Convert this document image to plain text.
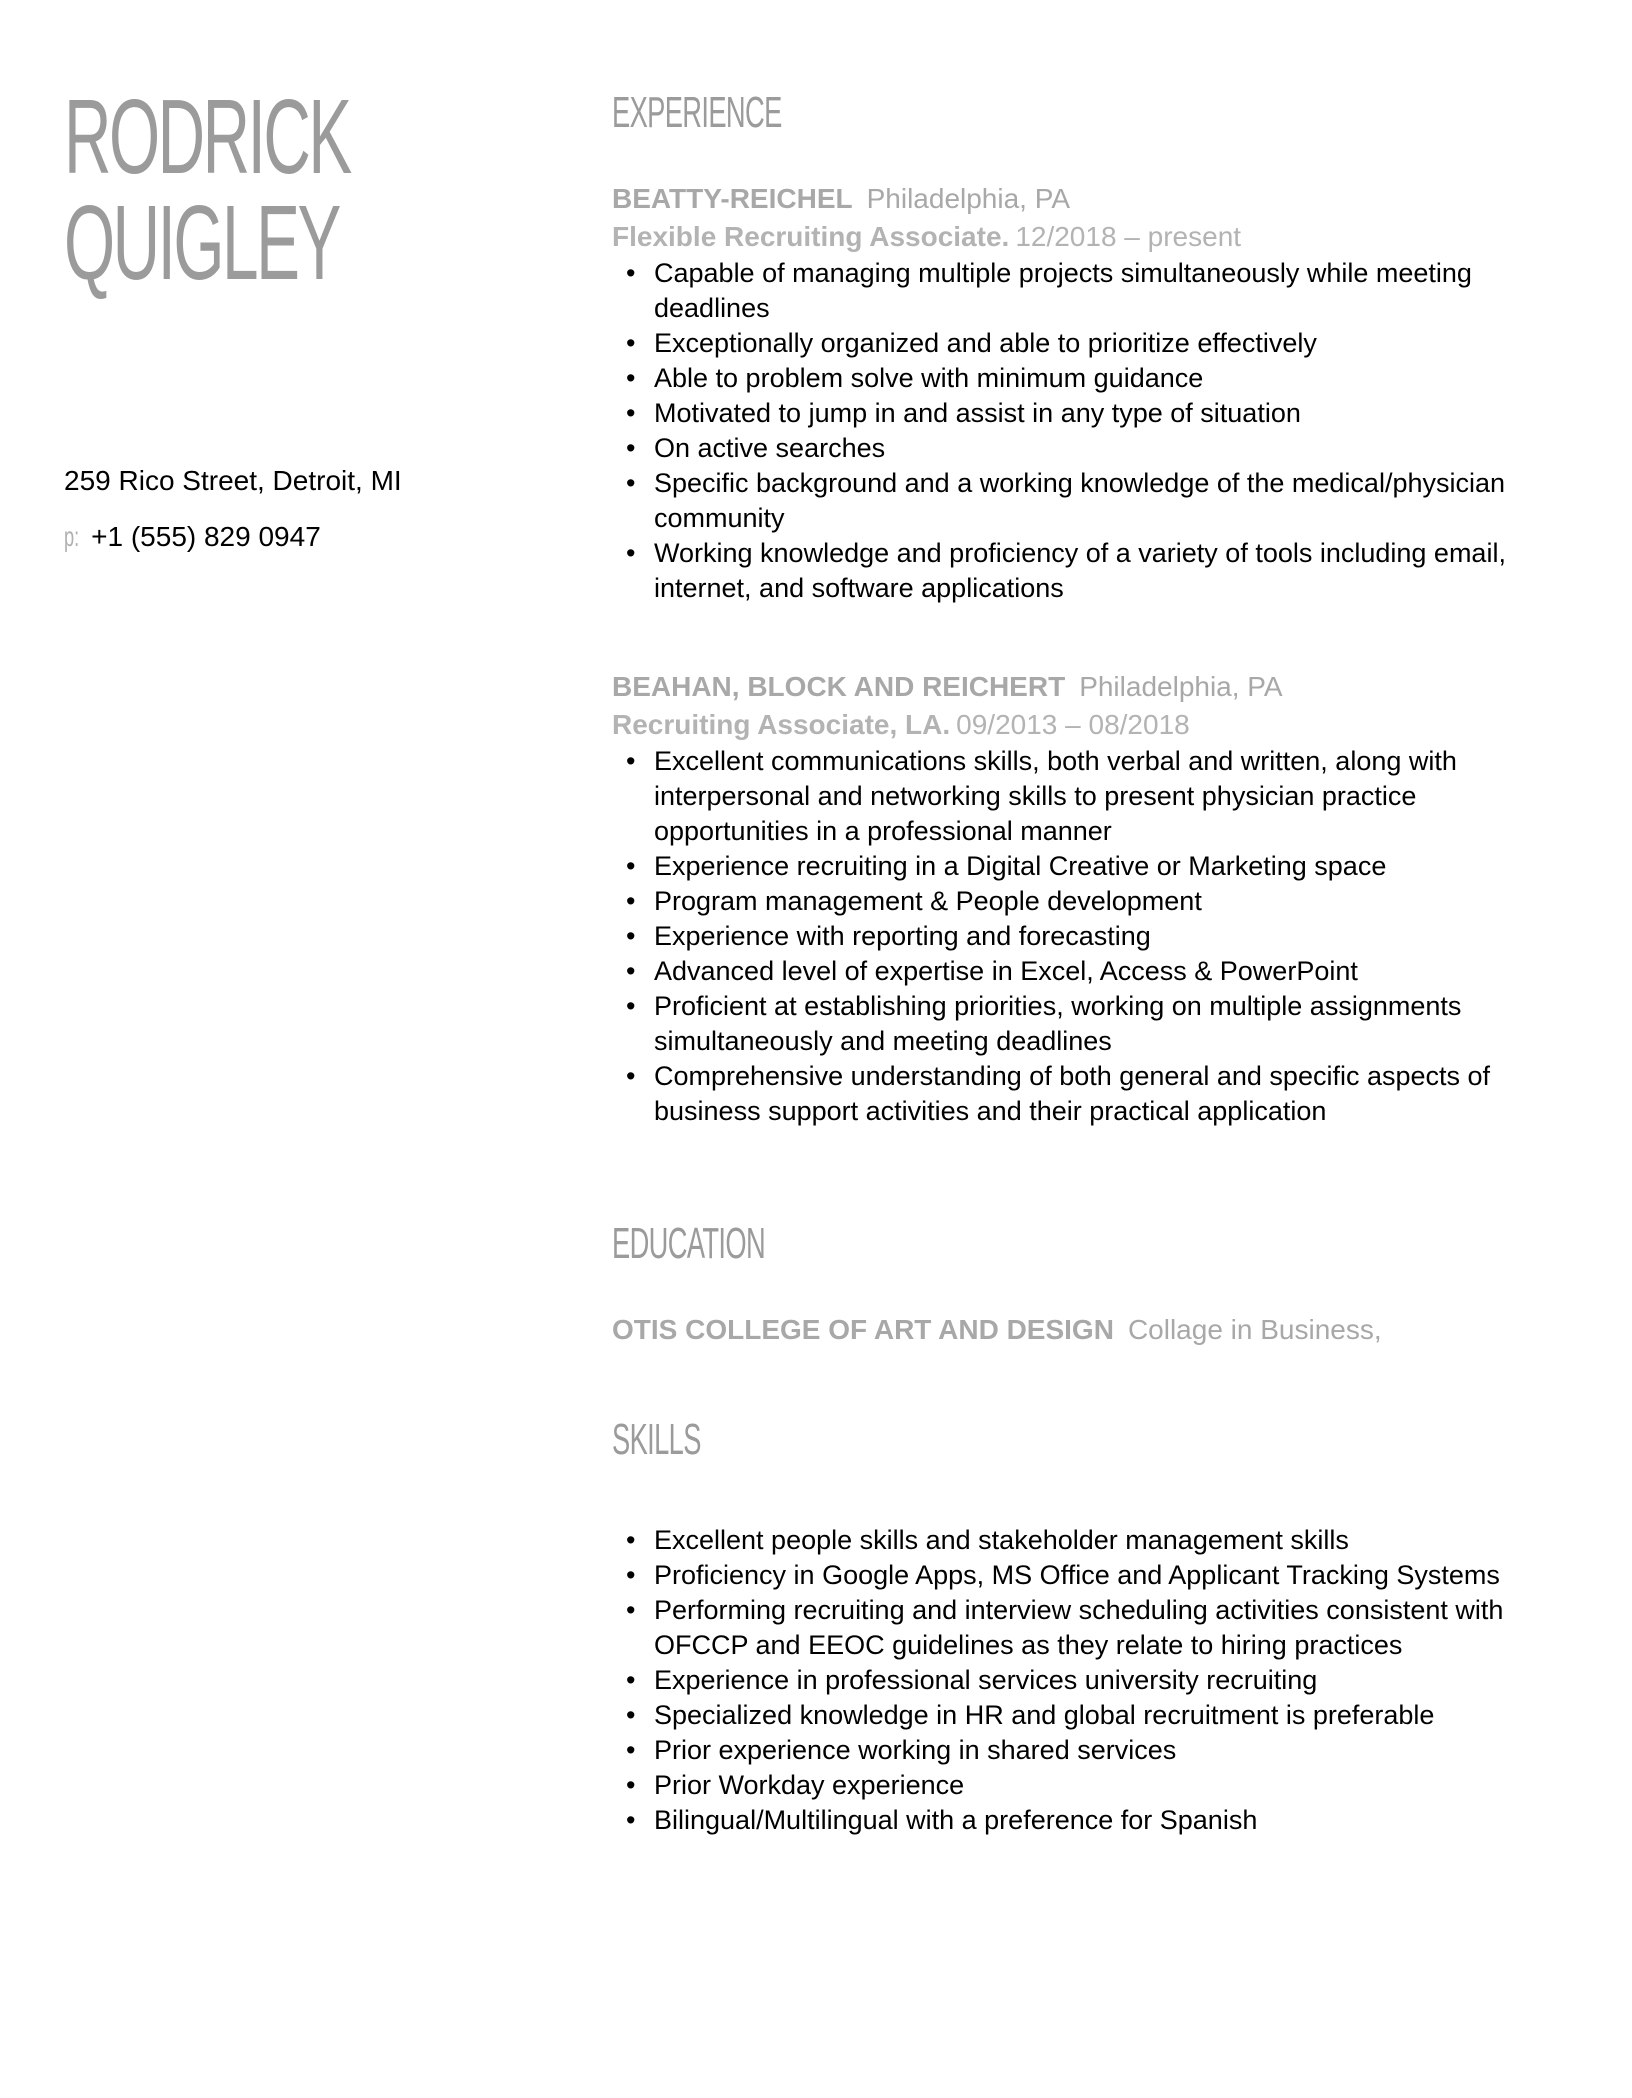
RODRICK
QUIGLEY
259 Rico Street, Detroit, MI
p: +1 (555) 829 0947
EXPERIENCE
BEATTY-REICHEL Philadelphia, PA
Flexible Recruiting Associate. 12/2018 – present
• Capable of managing multiple projects simultaneously while meeting deadlines
• Exceptionally organized and able to prioritize effectively
• Able to problem solve with minimum guidance
• Motivated to jump in and assist in any type of situation
• On active searches
• Specific background and a working knowledge of the medical/physician community
• Working knowledge and proficiency of a variety of tools including email, internet, and software applications
BEAHAN, BLOCK AND REICHERT Philadelphia, PA
Recruiting Associate, LA. 09/2013 – 08/2018
• Excellent communications skills, both verbal and written, along with interpersonal and networking skills to present physician practice opportunities in a professional manner
• Experience recruiting in a Digital Creative or Marketing space
• Program management & People development
• Experience with reporting and forecasting
• Advanced level of expertise in Excel, Access & PowerPoint
• Proficient at establishing priorities, working on multiple assignments simultaneously and meeting deadlines
• Comprehensive understanding of both general and specific aspects of business support activities and their practical application
EDUCATION
OTIS COLLEGE OF ART AND DESIGN Collage in Business,
SKILLS
• Excellent people skills and stakeholder management skills
• Proficiency in Google Apps, MS Office and Applicant Tracking Systems
• Performing recruiting and interview scheduling activities consistent with OFCCP and EEOC guidelines as they relate to hiring practices
• Experience in professional services university recruiting
• Specialized knowledge in HR and global recruitment is preferable
• Prior experience working in shared services
• Prior Workday experience
• Bilingual/Multilingual with a preference for Spanish
